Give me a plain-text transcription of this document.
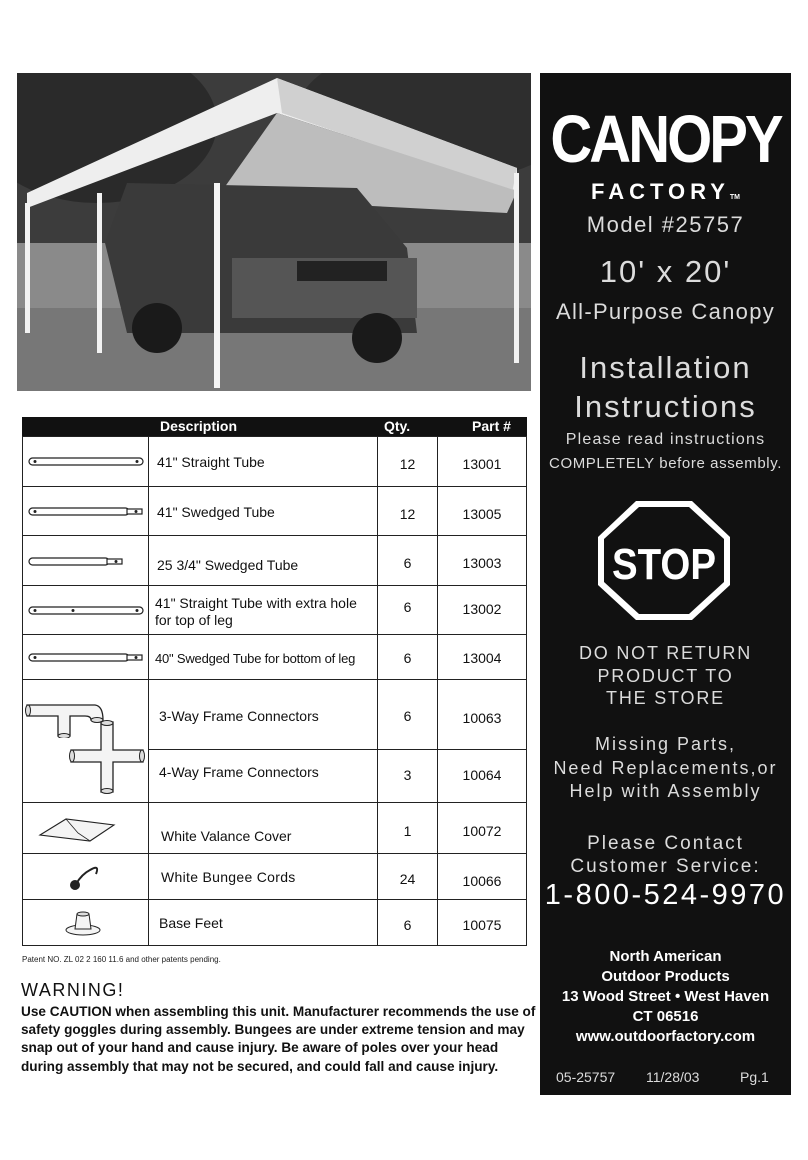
Description	Qty.	Part #
41" Straight Tube	12	13001
41" Swedged Tube	12	13005
25 3/4" Swedged Tube	6	13003
41" Straight Tube with extra hole
for top of leg
6	13002
40" Swedged Tube for bottom of leg	6	13004
3-Way Frame Connectors	6	10063
4-Way Frame Connectors	3	10064
White Valance Cover	1	10072
White Bungee Cords	24	10066
Base Feet	6	10075
Patent NO. ZL 02 2 160 11.6 and other patents pending.
WARNING!
Use CAUTION when assembling this unit. Manufacturer recommends the use of safety goggles during assembly. Bungees are under extreme tension and may snap out of your hand and cause injury. Be aware of poles over your head during assembly that may not be secured, and could fall and cause injury.
CANOPY
FACTORYTM
Model #25757
10' x 20'
All-Purpose Canopy
Installation
Instructions
Please read instructions
COMPLETELY before assembly.
STOP
DO NOT RETURN
PRODUCT TO
THE STORE
Missing Parts,
Need Replacements,or
Help with Assembly
Please Contact
Customer Service:
1-800-524-9970
North American
Outdoor Products
13 Wood Street • West Haven
CT 06516
www.outdoorfactory.com
05-25757 11/28/03	Pg.1
